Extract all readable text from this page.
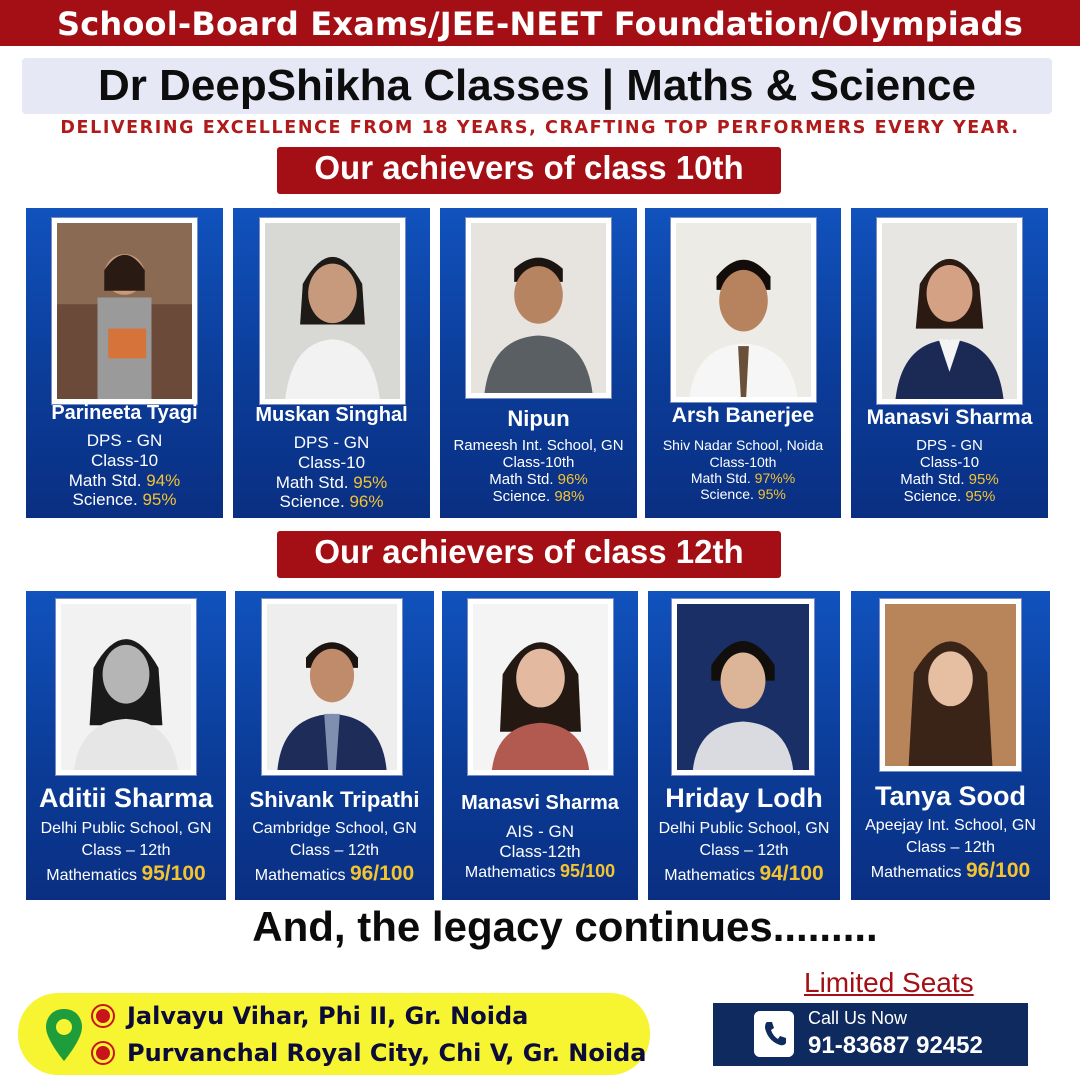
School-Board Exams/JEE-NEET Foundation/Olympiads
Dr DeepShikha Classes | Maths & Science
DELIVERING EXCELLENCE FROM 18 YEARS, CRAFTING TOP PERFORMERS EVERY YEAR.
Our achievers of class 10th
Parineeta Tyagi
DPS - GN
Class-10
Math Std. 94%
Science. 95%
Muskan Singhal
DPS - GN
Class-10
Math Std. 95%
Science. 96%
Nipun
Rameesh Int. School, GN
Class-10th
Math Std. 96%
Science. 98%
Arsh Banerjee
Shiv Nadar School, Noida
Class-10th
Math Std. 97%%
Science. 95%
Manasvi Sharma
DPS - GN
Class-10
Math Std. 95%
Science. 95%
Our achievers of class 12th
Aditii Sharma
Delhi Public School, GN
Class – 12th
Mathematics 95/100
Shivank Tripathi
Cambridge School, GN
Class – 12th
Mathematics 96/100
Manasvi Sharma
AIS - GN
Class-12th
Mathematics 95/100
Hriday Lodh
Delhi Public School, GN
Class – 12th
Mathematics 94/100
Tanya Sood
Apeejay Int. School, GN
Class – 12th
Mathematics 96/100
And, the legacy continues.........
Jalvayu Vihar, Phi II, Gr. Noida
Purvanchal Royal City, Chi V, Gr. Noida
Limited Seats
Call Us Now
91-83687 92452
